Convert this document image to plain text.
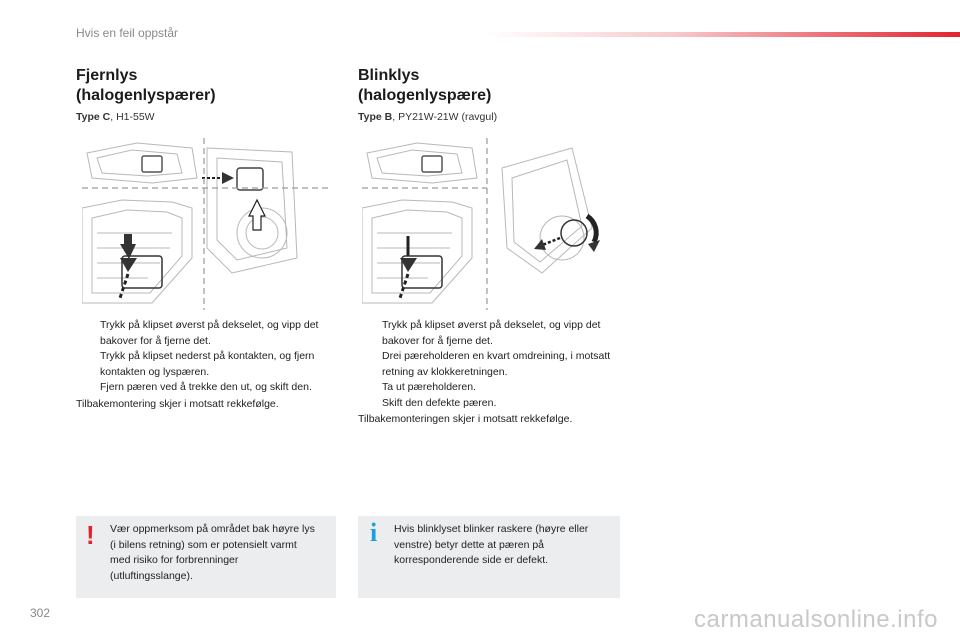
Hvis en feil oppstår
Fjernlys
(halogenlyspærer)
Type C, H1-55W
Trykk på klipset øverst på dekselet, og vipp det bakover for å fjerne det.
Trykk på klipset nederst på kontakten, og fjern kontakten og lyspæren.
Fjern pæren ved å trekke den ut, og skift den.
Tilbakemontering skjer i motsatt rekkefølge.
! Vær oppmerksom på området bak høyre lys (i bilens retning) som er potensielt varmt med risiko for forbrenninger (utluftingsslange).
Blinklys
(halogenlyspære)
Type B, PY21W-21W (ravgul)
Trykk på klipset øverst på dekselet, og vipp det bakover for å fjerne det.
Drei pæreholderen en kvart omdreining, i motsatt retning av klokkeretningen.
Ta ut pæreholderen.
Skift den defekte pæren.
Tilbakemonteringen skjer i motsatt rekkefølge.
i Hvis blinklyset blinker raskere (høyre eller venstre) betyr dette at pæren på korresponderende side er defekt.
302	carmanualsonline.info
